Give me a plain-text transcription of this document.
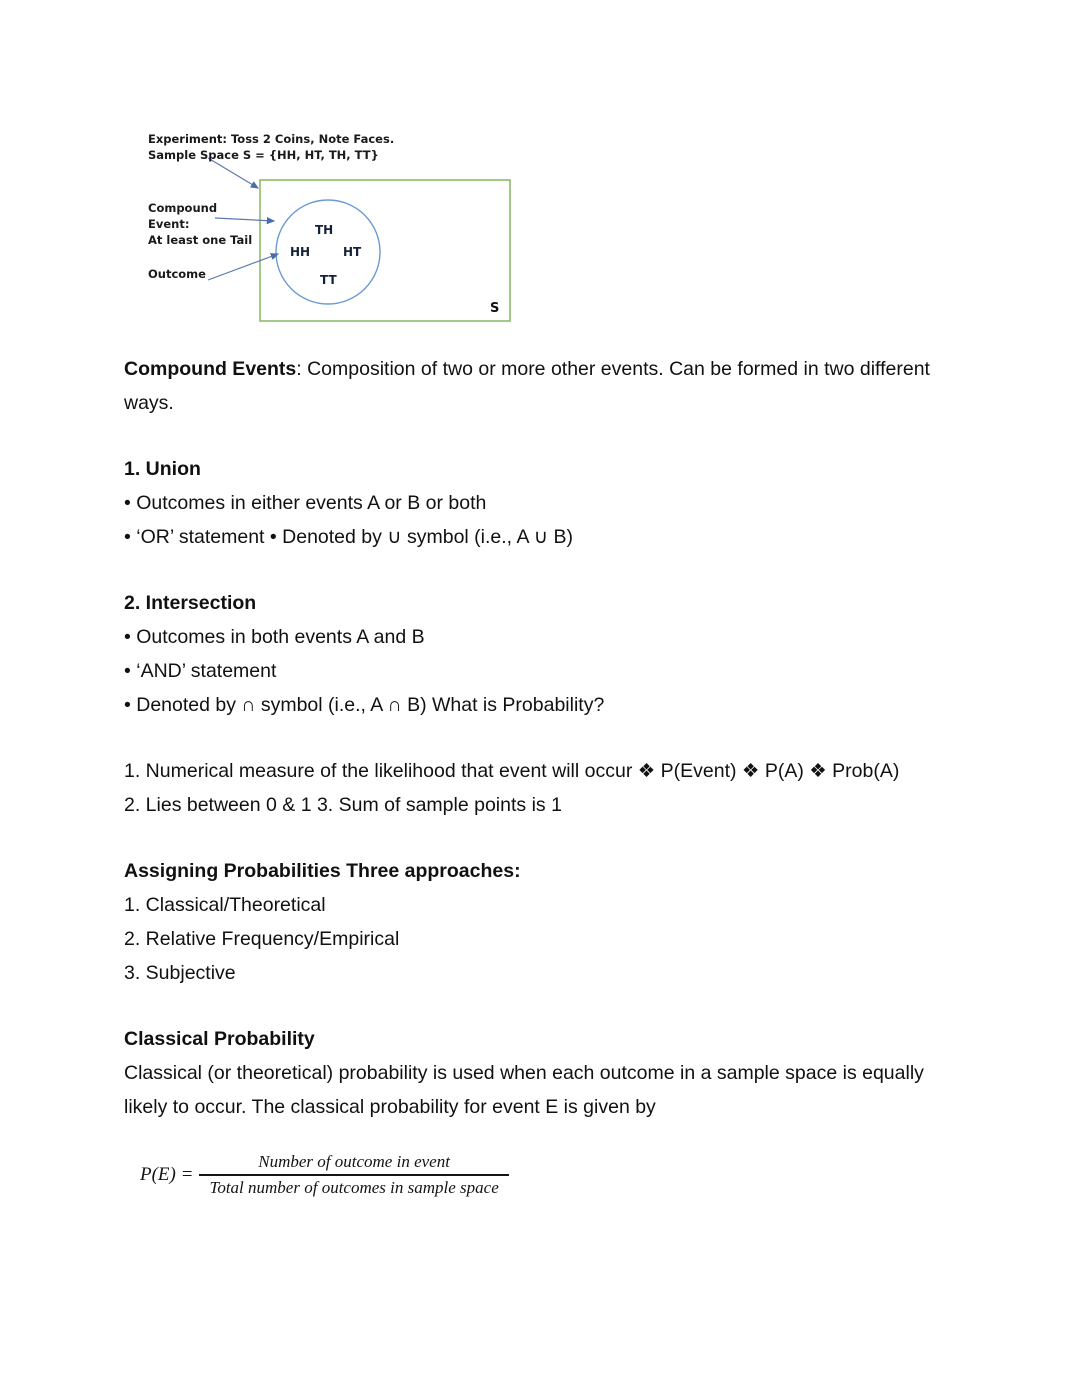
Experiment: Toss 2 Coins, Note Faces.
Sample Space S = {HH, HT, TH, TT}
Compound
Event:
At least one Tail
Outcome
HH
TH
HT
TT
S

Compound Events: Composition of two or more other events. Can be formed in two different ways.

1. Union

• Outcomes in either events A or B or both

• ‘OR’ statement • Denoted by ∪ symbol (i.e., A ∪ B)

2. Intersection

• Outcomes in both events A and B

• ‘AND’ statement

• Denoted by ∩ symbol (i.e., A ∩ B) What is Probability?

1. Numerical measure of the likelihood that event will occur ❖ P(Event) ❖ P(A) ❖ Prob(A)

2. Lies between 0 & 1 3. Sum of sample points is 1

Assigning Probabilities Three approaches:

1. Classical/Theoretical

2. Relative Frequency/Empirical

3. Subjective

Classical Probability

Classical (or theoretical) probability is used when each outcome in a sample space is equally likely to occur. The classical probability for event E is given by

$P(E) = \frac{\text{Number of outcome in event}}{\text{Total number of outcomes in sample space}}$
